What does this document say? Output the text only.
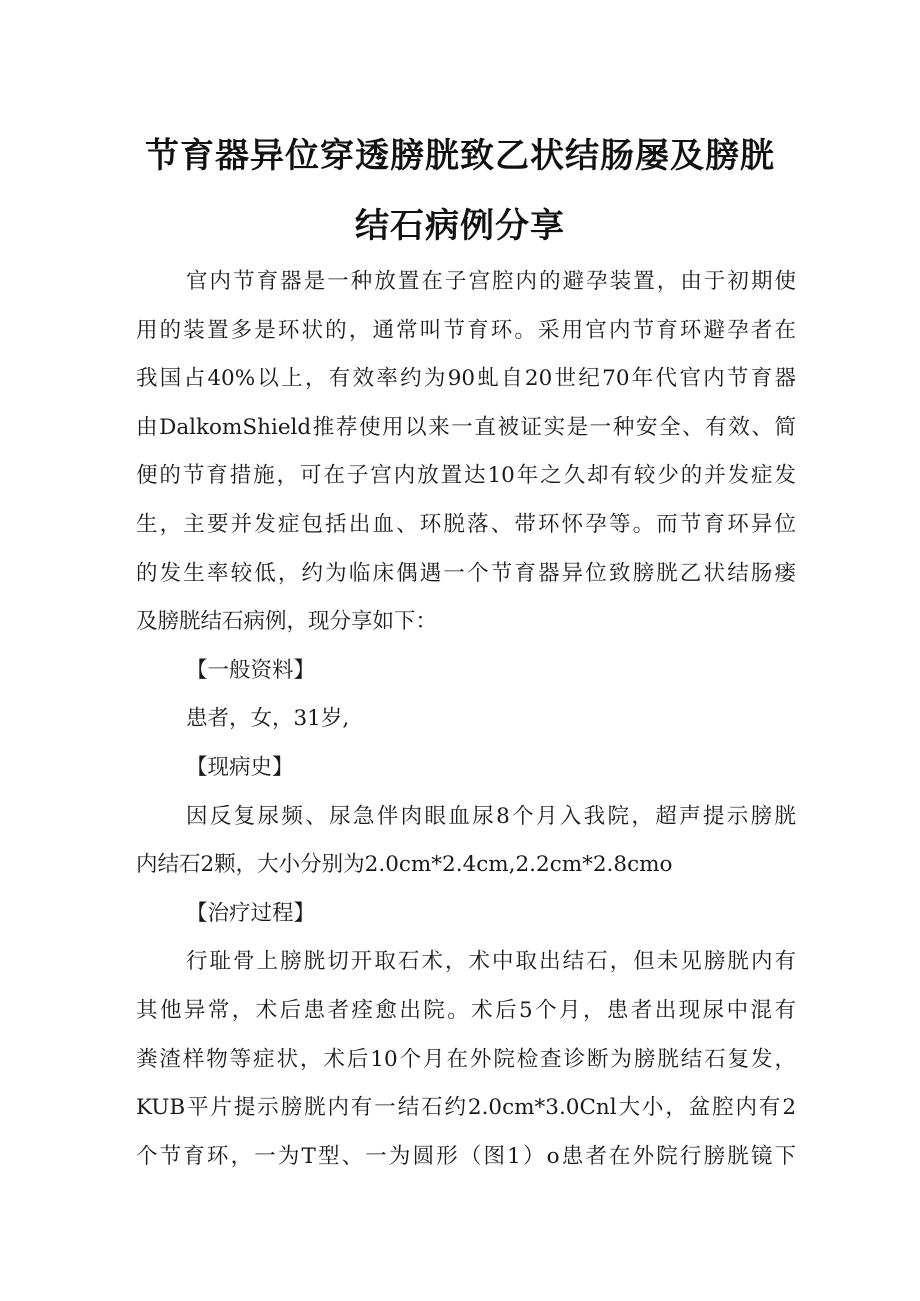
节育器异位穿透膀胱致乙状结肠屡及膀胱
结石病例分享
官内节育器是一种放置在子宫腔内的避孕装置，由于初期使
用的装置多是环状的，通常叫节育环。采用官内节育环避孕者在
我国占40%以上，有效率约为90虬自20世纪70年代官内节育器
由DalkomShield推荐使用以来一直被证实是一种安全、有效、简
便的节育措施，可在子宫内放置达10年之久却有较少的并发症发
生，主要并发症包括出血、环脱落、带环怀孕等。而节育环异位
的发生率较低，约为临床偶遇一个节育器异位致膀胱乙状结肠瘘
及膀胱结石病例，现分享如下：
【一般资料】
患者，女，31岁,
【现病史】
因反复尿频、尿急伴肉眼血尿8个月入我院，超声提示膀胱
内结石2颗，大小分别为2.0cm*2.4cm,2.2cm*2.8cmo
【治疗过程】
行耻骨上膀胱切开取石术，术中取出结石，但未见膀胱内有
其他异常，术后患者痊愈出院。术后5个月，患者出现尿中混有
粪渣样物等症状，术后10个月在外院检查诊断为膀胱结石复发，
KUB平片提示膀胱内有一结石约2.0cm*3.0Cnl大小，盆腔内有2
个节育环，一为T型、一为圆形（图1）o患者在外院行膀胱镜下
